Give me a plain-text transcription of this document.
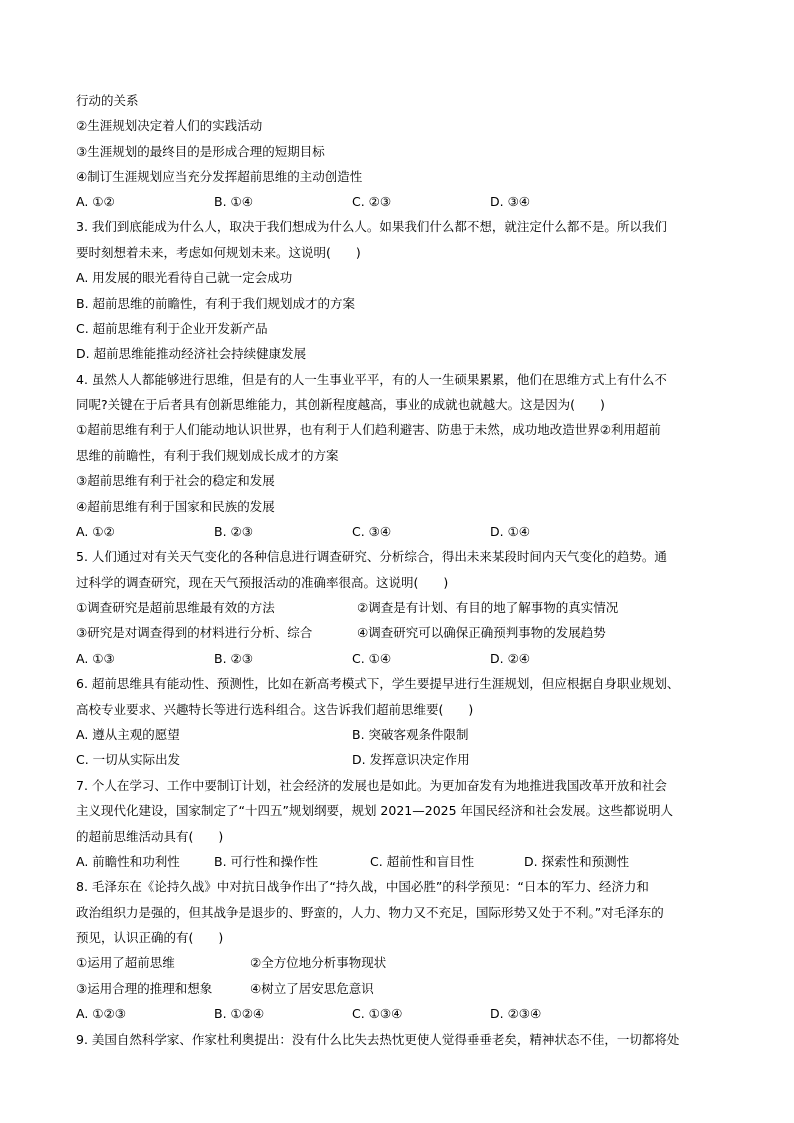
行动的关系
②生涯规划决定着人们的实践活动
③生涯规划的最终目的是形成合理的短期目标
④制订生涯规划应当充分发挥超前思维的主动创造性
A. ①②	B. ①④	C. ②③	D. ③④
3. 我们到底能成为什么人，取决于我们想成为什么人。如果我们什么都不想，就注定什么都不是。所以我们
要时刻想着未来，考虑如何规划未来。这说明(　　)
A. 用发展的眼光看待自己就一定会成功
B. 超前思维的前瞻性，有利于我们规划成才的方案
C. 超前思维有利于企业开发新产品
D. 超前思维能推动经济社会持续健康发展
4. 虽然人人都能够进行思维，但是有的人一生事业平平，有的人一生硕果累累，他们在思维方式上有什么不
同呢?关键在于后者具有创新思维能力，其创新程度越高，事业的成就也就越大。这是因为(　　)
①超前思维有利于人们能动地认识世界，也有利于人们趋利避害、防患于未然，成功地改造世界②利用超前
思维的前瞻性，有利于我们规划成长成才的方案
③超前思维有利于社会的稳定和发展
④超前思维有利于国家和民族的发展
A. ①②	B. ②③	C. ③④	D. ①④
5. 人们通过对有关天气变化的各种信息进行调查研究、分析综合，得出未来某段时间内天气变化的趋势。通
过科学的调查研究，现在天气预报活动的准确率很高。这说明(　　)
①调查研究是超前思维最有效的方法	②调查是有计划、有目的地了解事物的真实情况
③研究是对调查得到的材料进行分析、综合	④调查研究可以确保正确预判事物的发展趋势
A. ①③	B. ②③	C. ①④	D. ②④
6. 超前思维具有能动性、预测性，比如在新高考模式下，学生要提早进行生涯规划，但应根据自身职业规划、
高校专业要求、兴趣特长等进行选科组合。这告诉我们超前思维要(　　)
A. 遵从主观的愿望	B. 突破客观条件限制
C. 一切从实际出发	D. 发挥意识决定作用
7. 个人在学习、工作中要制订计划，社会经济的发展也是如此。为更加奋发有为地推进我国改革开放和社会
主义现代化建设，国家制定了“十四五”规划纲要，规划 2021—2025 年国民经济和社会发展。这些都说明人
的超前思维活动具有(　　)
A. 前瞻性和功利性	B. 可行性和操作性	C. 超前性和盲目性	D. 探索性和预测性
8. 毛泽东在《论持久战》中对抗日战争作出了“持久战，中国必胜”的科学预见：“日本的军力、经济力和
政治组织力是强的，但其战争是退步的、野蛮的，人力、物力又不充足，国际形势又处于不利。”对毛泽东的
预见，认识正确的有(　　)
①运用了超前思维	②全方位地分析事物现状
③运用合理的推理和想象	④树立了居安思危意识
A. ①②③	B. ①②④	C. ①③④	D. ②③④
9. 美国自然科学家、作家杜利奥提出：没有什么比失去热忱更使人觉得垂垂老矣，精神状态不佳，一切都将处
